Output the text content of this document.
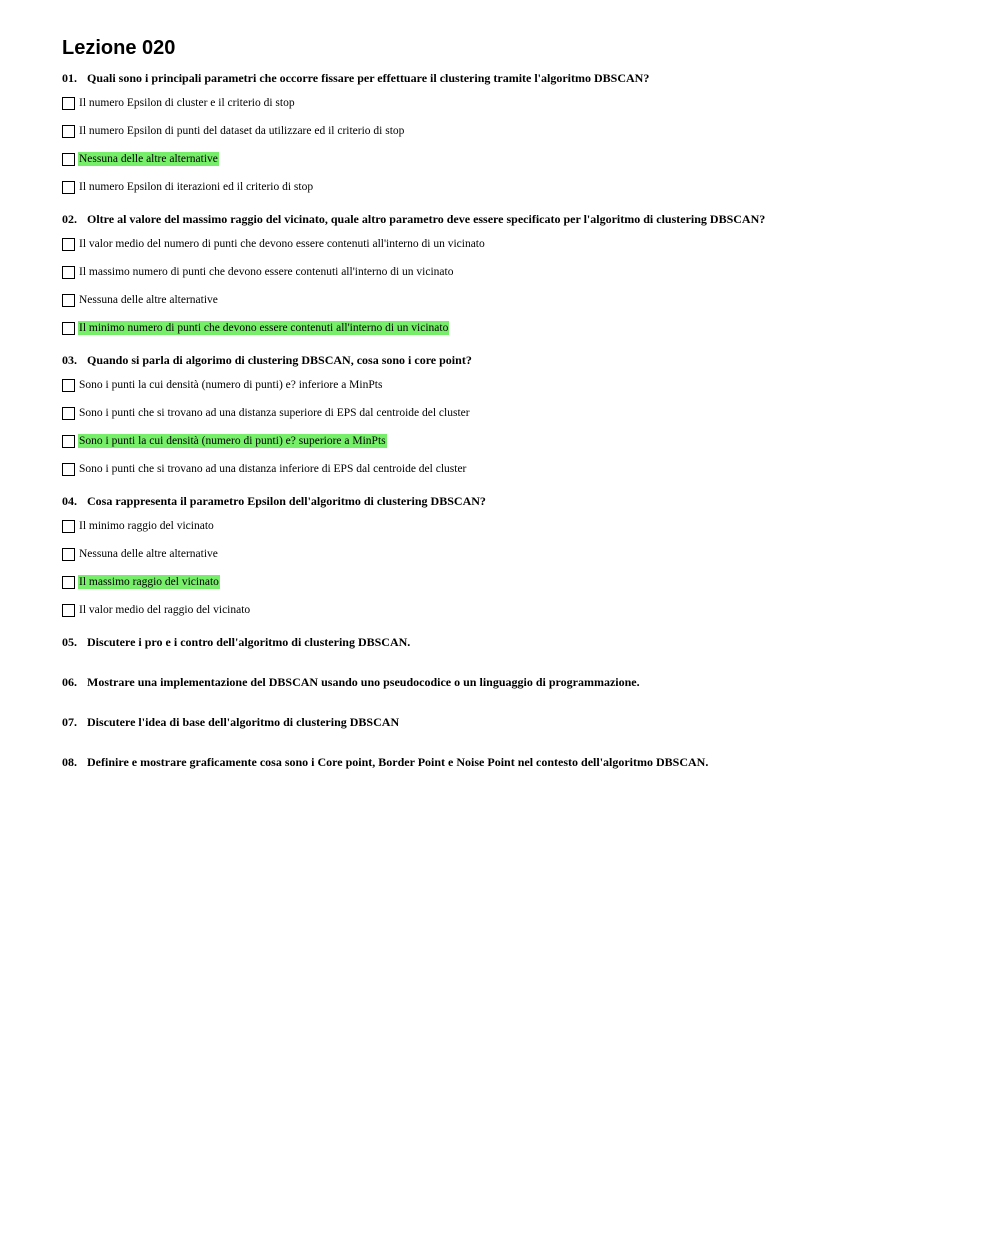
Lezione 020
01. Quali sono i principali parametri che occorre fissare per effettuare il clustering tramite l'algoritmo DBSCAN?
Il numero Epsilon di cluster e il criterio di stop
Il numero Epsilon di punti del dataset da utilizzare ed il criterio di stop
Nessuna delle altre alternative
Il numero Epsilon di iterazioni ed il criterio di stop
02. Oltre al valore del massimo raggio del vicinato, quale altro parametro deve essere specificato per l'algoritmo di clustering DBSCAN?
Il valor medio del numero di punti che devono essere contenuti all'interno di un vicinato
Il massimo numero di punti che devono essere contenuti all'interno di un vicinato
Nessuna delle altre alternative
Il minimo numero di punti che devono essere contenuti all'interno di un vicinato
03. Quando si parla di algorimo di clustering DBSCAN, cosa sono i core point?
Sono i punti la cui densità (numero di punti) e? inferiore a MinPts
Sono i punti che si trovano ad una distanza superiore di EPS dal centroide del cluster
Sono i punti la cui densità (numero di punti) e? superiore a MinPts
Sono i punti che si trovano ad una distanza inferiore di EPS dal centroide del cluster
04. Cosa rappresenta il parametro Epsilon dell'algoritmo di clustering DBSCAN?
Il minimo raggio del vicinato
Nessuna delle altre alternative
Il massimo raggio del vicinato
Il valor medio del raggio del vicinato
05. Discutere i pro e i contro dell'algoritmo di clustering DBSCAN.
06. Mostrare una implementazione del DBSCAN usando uno pseudocodice o un linguaggio di programmazione.
07. Discutere l'idea di base dell'algoritmo di clustering DBSCAN
08. Definire e mostrare graficamente cosa sono i Core point, Border Point e Noise Point nel contesto dell'algoritmo DBSCAN.
